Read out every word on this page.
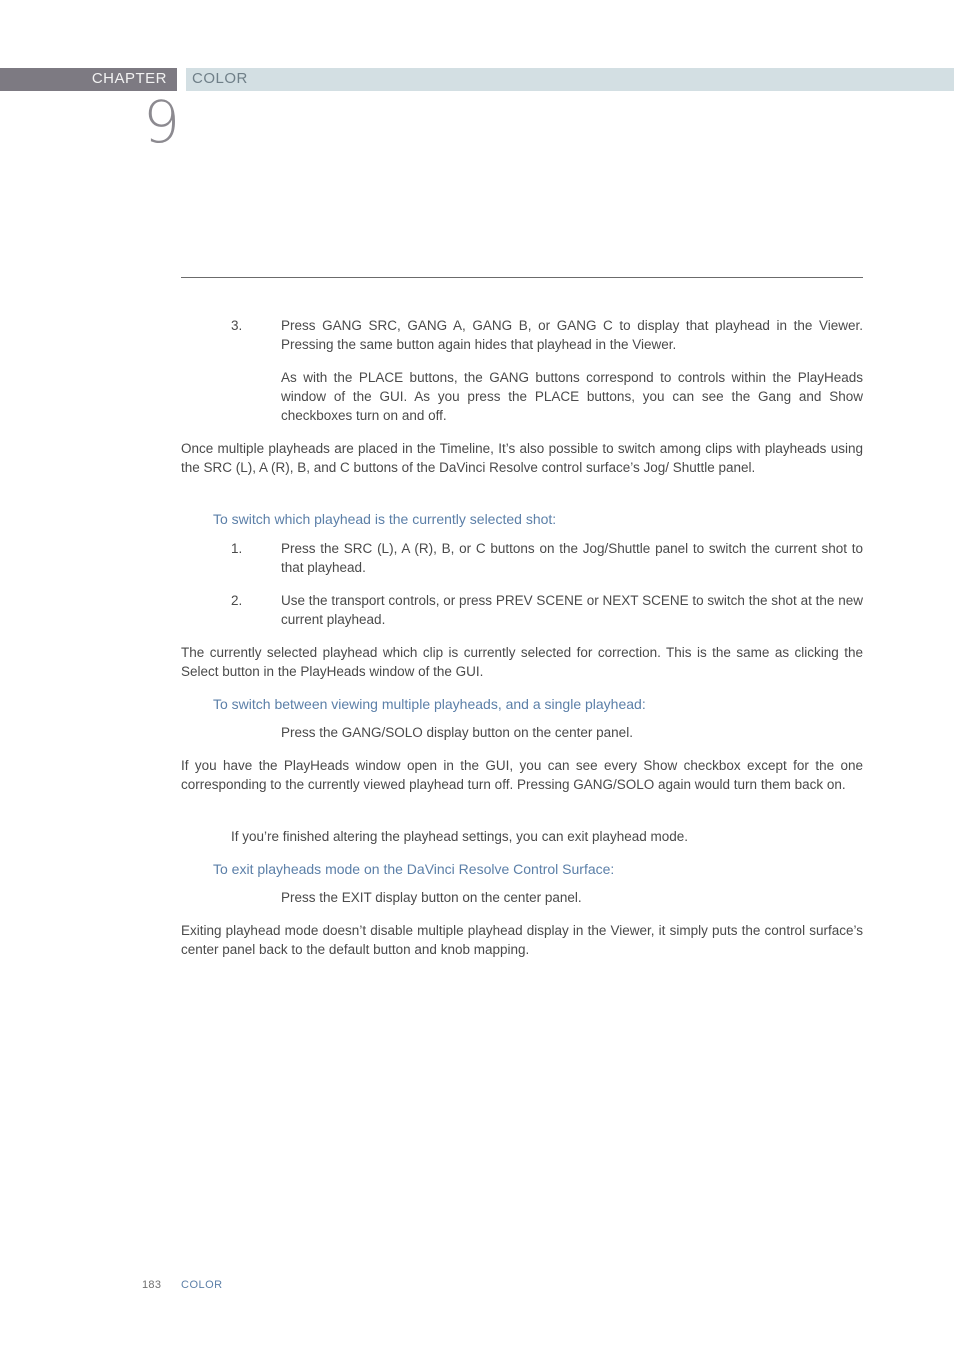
CHAPTER COLOR
9
3.	Press GANG SRC, GANG A, GANG B, or GANG C to display that playhead in the Viewer. Pressing the same button again hides that playhead in the Viewer.
As with the PLACE buttons, the GANG buttons correspond to controls within the PlayHeads window of the GUI. As you press the PLACE buttons, you can see the Gang and Show checkboxes turn on and off.
Once multiple playheads are placed in the Timeline, It’s also possible to switch among clips with playheads using the SRC (L), A (R), B, and C buttons of the DaVinci Resolve control surface’s Jog/ Shuttle panel.
To switch which playhead is the currently selected shot:
1.	Press the SRC (L), A (R), B, or C buttons on the Jog/Shuttle panel to switch the current shot to that playhead.
2.	Use the transport controls, or press PREV SCENE or NEXT SCENE to switch the shot at the new current playhead.
The currently selected playhead which clip is currently selected for correction. This is the same as clicking the Select button in the PlayHeads window of the GUI.
To switch between viewing multiple playheads, and a single playhead:
Press the GANG/SOLO display button on the center panel.
If you have the PlayHeads window open in the GUI, you can see every Show checkbox except for the one corresponding to the currently viewed playhead turn off. Pressing GANG/SOLO again would turn them back on.
If you’re finished altering the playhead settings, you can exit playhead mode.
To exit playheads mode on the DaVinci Resolve Control Surface:
Press the EXIT display button on the center panel.
Exiting playhead mode doesn’t disable multiple playhead display in the Viewer, it simply puts the control surface’s center panel back to the default button and knob mapping.
183 COLOR
